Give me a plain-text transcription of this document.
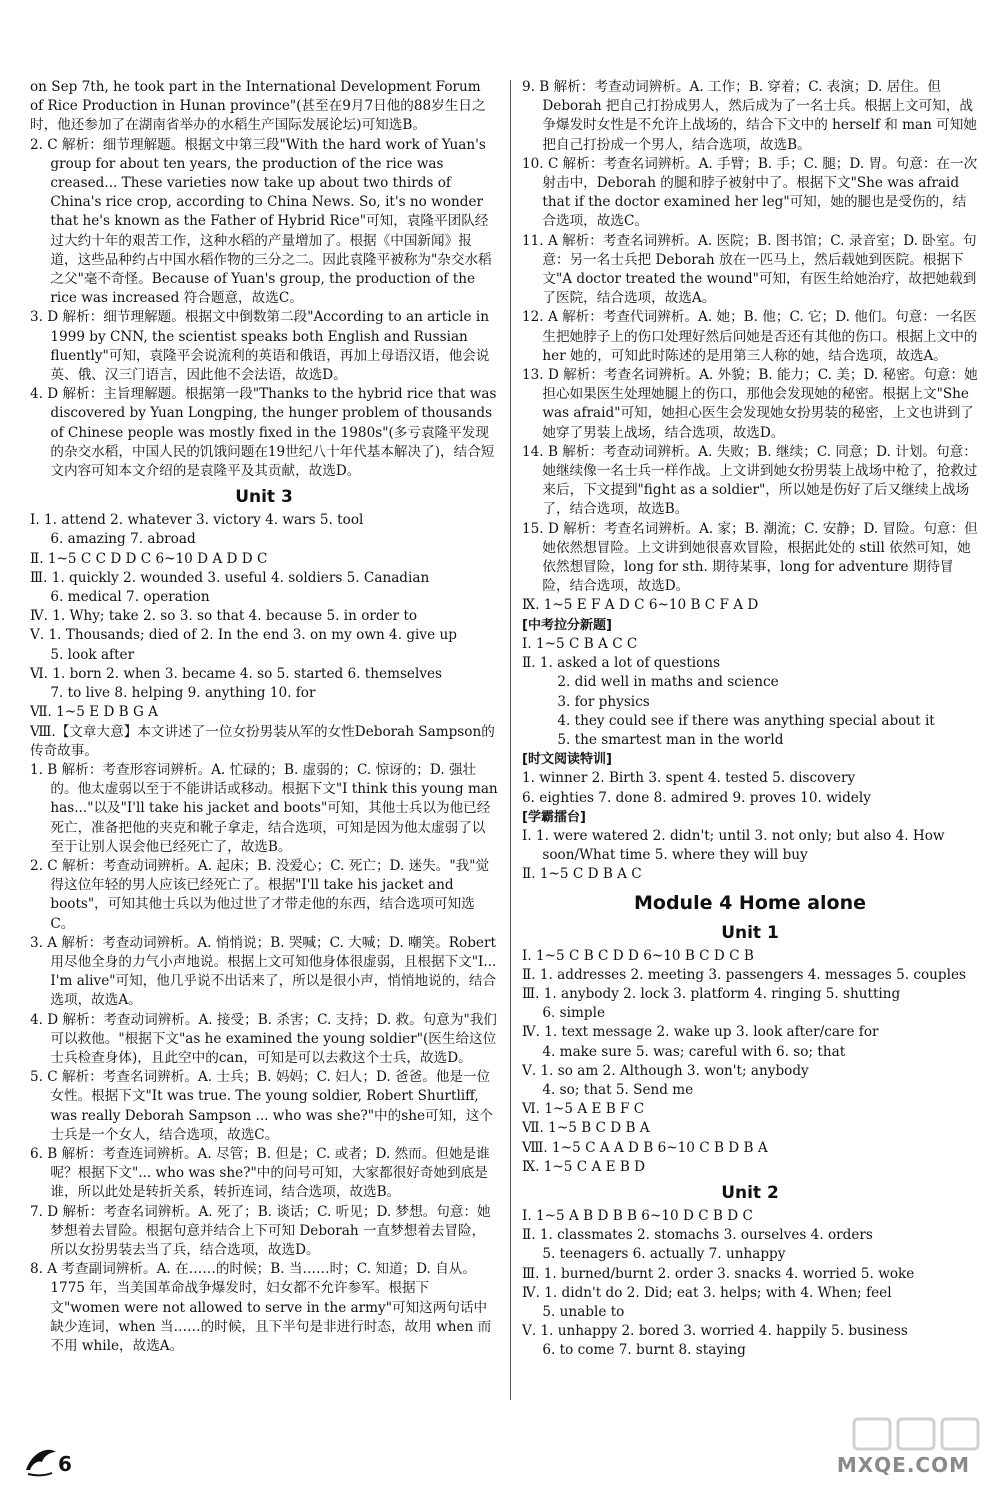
on Sep 7th, he took part in the International Development Forum of Rice Production in Hunan province"(甚至在9月7日他的88岁生日之时，他还参加了在湖南省举办的水稻生产国际发展论坛)可知选B。

2. C 解析：细节理解题。根据文中第三段"With the hard work of Yuan's group for about ten years, the production of the rice was creased... These varieties now take up about two thirds of China's rice crop, according to China News. So, it's no wonder that he's known as the Father of Hybrid Rice"可知，袁隆平团队经过大约十年的艰苦工作，这种水稻的产量增加了。根据《中国新闻》报道，这些品种约占中国水稻作物的三分之二。因此袁隆平被称为"杂交水稻之父"毫不奇怪。Because of Yuan's group, the production of the rice was increased 符合题意，故选C。

3. D 解析：细节理解题。根据文中倒数第二段"According to an article in 1999 by CNN, the scientist speaks both English and Russian fluently"可知，袁隆平会说流利的英语和俄语，再加上母语汉语，他会说英、俄、汉三门语言，因此他不会法语，故选D。

4. D 解析：主旨理解题。根据第一段"Thanks to the hybrid rice that was discovered by Yuan Longping, the hunger problem of thousands of Chinese people was mostly fixed in the 1980s"(多亏袁隆平发现的杂交水稻，中国人民的饥饿问题在19世纪八十年代基本解决了)，结合短文内容可知本文介绍的是袁隆平及其贡献，故选D。

Unit 3

Ⅰ. 1. attend 2. whatever 3. victory 4. wars 5. tool

6. amazing 7. abroad

Ⅱ. 1~5 C C D D C 6~10 D A D D C

Ⅲ. 1. quickly 2. wounded 3. useful 4. soldiers 5. Canadian

6. medical 7. operation

Ⅳ. 1. Why; take 2. so 3. so that 4. because 5. in order to

Ⅴ. 1. Thousands; died of 2. In the end 3. on my own 4. give up

5. look after

Ⅵ. 1. born 2. when 3. became 4. so 5. started 6. themselves

7. to live 8. helping 9. anything 10. for

Ⅶ. 1~5 E D B G A

Ⅷ.【文章大意】本文讲述了一位女扮男装从军的女性Deborah Sampson的传奇故事。

1. B 解析：考查形容词辨析。A. 忙碌的；B. 虚弱的；C. 惊讶的；D. 强壮的。他太虚弱以至于不能讲话或移动。根据下文"I think this young man has..."以及"I'll take his jacket and boots"可知，其他士兵以为他已经死亡，准备把他的夹克和靴子拿走，结合选项，可知是因为他太虚弱了以至于让别人误会他已经死亡了，故选B。

2. C 解析：考查动词辨析。A. 起床；B. 没爱心；C. 死亡；D. 迷失。"我"觉得这位年轻的男人应该已经死亡了。根据"I'll take his jacket and boots"，可知其他士兵以为他过世了才带走他的东西，结合选项可知选C。

3. A 解析：考查动词辨析。A. 悄悄说；B. 哭喊；C. 大喊；D. 嘲笑。Robert 用尽他全身的力气小声地说。根据上文可知他身体很虚弱，且根据下文"I... I'm alive"可知，他几乎说不出话来了，所以是很小声，悄悄地说的，结合选项，故选A。

4. D 解析：考查动词辨析。A. 接受；B. 杀害；C. 支持；D. 救。句意为"我们可以救他。"根据下文"as he examined the young soldier"(医生给这位士兵检查身体)，且此空中的can，可知是可以去救这个士兵，故选D。

5. C 解析：考查名词辨析。A. 士兵；B. 妈妈；C. 妇人；D. 爸爸。他是一位女性。根据下文"It was true. The young soldier, Robert Shurtliff, was really Deborah Sampson ... who was she?"中的she可知，这个士兵是一个女人，结合选项，故选C。

6. B 解析：考查连词辨析。A. 尽管；B. 但是；C. 或者；D. 然而。但她是谁呢？根据下文"... who was she?"中的问号可知，大家都很好奇她到底是谁，所以此处是转折关系，转折连词，结合选项，故选B。

7. D 解析：考查名词辨析。A. 死了；B. 谈话；C. 听见；D. 梦想。句意：她梦想着去冒险。根据句意并结合上下可知 Deborah 一直梦想着去冒险，所以女扮男装去当了兵，结合选项，故选D。

8. A 考查副词辨析。A. 在……的时候；B. 当……时；C. 知道；D. 自从。1775 年，当美国革命战争爆发时，妇女都不允许参军。根据下文"women were not allowed to serve in the army"可知这两句话中缺少连词，when 当……的时候，且下半句是非进行时态，故用 when 而不用 while，故选A。

9. B 解析：考查动词辨析。A. 工作；B. 穿着；C. 表演；D. 居住。但Deborah 把自己打扮成男人，然后成为了一名士兵。根据上文可知，战争爆发时女性是不允许上战场的，结合下文中的 herself 和 man 可知她把自己打扮成一个男人，结合选项，故选B。

10. C 解析：考查名词辨析。A. 手臂；B. 手；C. 腿；D. 胃。句意：在一次射击中，Deborah 的腿和脖子被射中了。根据下文"She was afraid that if the doctor examined her leg"可知，她的腿也是受伤的，结合选项，故选C。

11. A 解析：考查名词辨析。A. 医院；B. 图书馆；C. 录音室；D. 卧室。句意：另一名士兵把 Deborah 放在一匹马上，然后载她到医院。根据下文"A doctor treated the wound"可知，有医生给她治疗，故把她载到了医院，结合选项，故选A。

12. A 解析：考查代词辨析。A. 她；B. 他；C. 它；D. 他们。句意：一名医生把她脖子上的伤口处理好然后问她是否还有其他的伤口。根据上文中的 her 她的，可知此时陈述的是用第三人称的她，结合选项，故选A。

13. D 解析：考查名词辨析。A. 外貌；B. 能力；C. 美；D. 秘密。句意：她担心如果医生处理她腿上的伤口，那他会发现她的秘密。根据上文"She was afraid"可知，她担心医生会发现她女扮男装的秘密，上文也讲到了她穿了男装上战场，结合选项，故选D。

14. B 解析：考查动词辨析。A. 失败；B. 继续；C. 同意；D. 计划。句意：她继续像一名士兵一样作战。上文讲到她女扮男装上战场中枪了，抢救过来后，下文提到"fight as a soldier"，所以她是伤好了后又继续上战场了，结合选项，故选B。

15. D 解析：考查名词辨析。A. 家；B. 潮流；C. 安静；D. 冒险。句意：但她依然想冒险。上文讲到她很喜欢冒险，根据此处的 still 依然可知，她依然想冒险，long for sth. 期待某事，long for adventure 期待冒险，结合选项，故选D。

Ⅸ. 1~5 E F A D C 6~10 B C F A D

[中考拉分新题]

Ⅰ. 1~5 C B A C C

Ⅱ. 1. asked a lot of questions

2. did well in maths and science

3. for physics

4. they could see if there was anything special about it

5. the smartest man in the world

[时文阅读特训]

1. winner 2. Birth 3. spent 4. tested 5. discovery

6. eighties 7. done 8. admired 9. proves 10. widely

[学霸擂台]

Ⅰ. 1. were watered 2. didn't; until 3. not only; but also 4. How soon/What time 5. where they will buy

Ⅱ. 1~5 C D B A C

Module 4 Home alone
Unit 1

Ⅰ. 1~5 C B C D D 6~10 B C D C B

Ⅱ. 1. addresses 2. meeting 3. passengers 4. messages 5. couples

Ⅲ. 1. anybody 2. lock 3. platform 4. ringing 5. shutting

6. simple

Ⅳ. 1. text message 2. wake up 3. look after/care for

4. make sure 5. was; careful with 6. so; that

Ⅴ. 1. so am 2. Although 3. won't; anybody

4. so; that 5. Send me

Ⅵ. 1~5 A E B F C

Ⅶ. 1~5 B C D B A

Ⅷ. 1~5 C A A D B 6~10 C B D B A

Ⅸ. 1~5 C A E B D

Unit 2

Ⅰ. 1~5 A B D B B 6~10 D C B D C

Ⅱ. 1. classmates 2. stomachs 3. ourselves 4. orders

5. teenagers 6. actually 7. unhappy

Ⅲ. 1. burned/burnt 2. order 3. snacks 4. worried 5. woke

Ⅳ. 1. didn't do 2. Did; eat 3. helps; with 4. When; feel

5. unable to

Ⅴ. 1. unhappy 2. bored 3. worried 4. happily 5. business

6. to come 7. burnt 8. staying

6	MXQE.COM
